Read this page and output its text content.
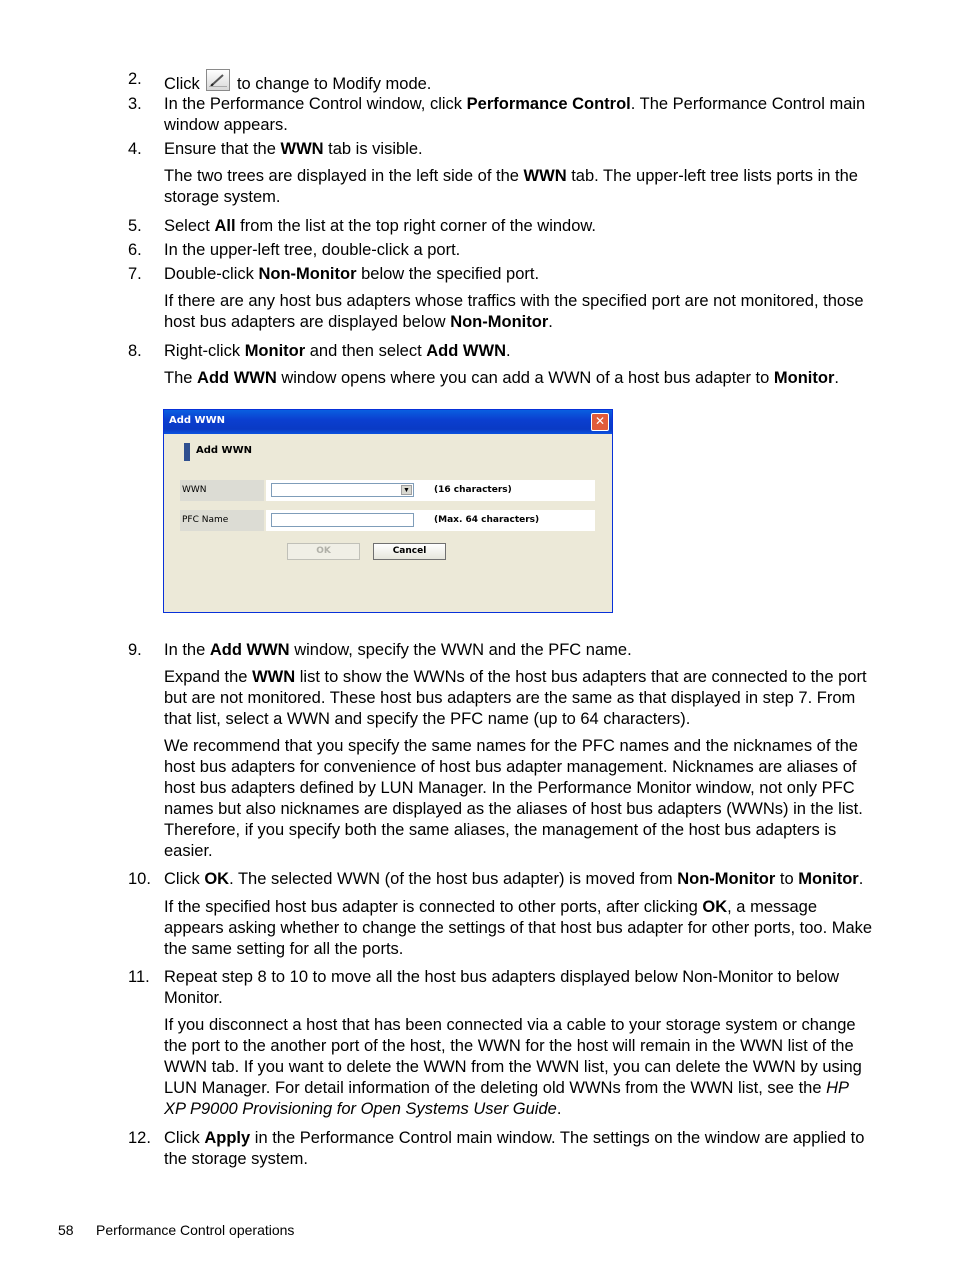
2.	Click to change to Modify mode.
3.	In the Performance Control window, click Performance Control. The Performance Control main window appears.
4.	Ensure that the WWN tab is visible.
The two trees are displayed in the left side of the WWN tab. The upper-left tree lists ports in the storage system.
5.	Select All from the list at the top right corner of the window.
6.	In the upper-left tree, double-click a port.
7.	Double-click Non-Monitor below the specified port.
If there are any host bus adapters whose traffics with the specified port are not monitored, those host bus adapters are displayed below Non-Monitor.
8.	Right-click Monitor and then select Add WWN.
The Add WWN window opens where you can add a WWN of a host bus adapter to Monitor.
Add WWN	✕
Add WWN
WWN	▼	(16 characters)
PFC Name	(Max. 64 characters)
OK	Cancel
9.	In the Add WWN window, specify the WWN and the PFC name.
Expand the WWN list to show the WWNs of the host bus adapters that are connected to the port but are not monitored. These host bus adapters are the same as that displayed in step 7. From that list, select a WWN and specify the PFC name (up to 64 characters).
We recommend that you specify the same names for the PFC names and the nicknames of the host bus adapters for convenience of host bus adapter management. Nicknames are aliases of host bus adapters defined by LUN Manager. In the Performance Monitor window, not only PFC names but also nicknames are displayed as the aliases of host bus adapters (WWNs) in the list. Therefore, if you specify both the same aliases, the management of the host bus adapters is easier.
10. Click OK. The selected WWN (of the host bus adapter) is moved from Non-Monitor to Monitor.
If the specified host bus adapter is connected to other ports, after clicking OK, a message appears asking whether to change the settings of that host bus adapter for other ports, too. Make the same setting for all the ports.
11. Repeat step 8 to 10 to move all the host bus adapters displayed below Non-Monitor to below Monitor.
If you disconnect a host that has been connected via a cable to your storage system or change the port to the another port of the host, the WWN for the host will remain in the WWN list of the WWN tab. If you want to delete the WWN from the WWN list, you can delete the WWN by using LUN Manager. For detail information of the deleting old WWNs from the WWN list, see the HP XP P9000 Provisioning for Open Systems User Guide.
12. Click Apply in the Performance Control main window. The settings on the window are applied to the storage system.
58 Performance Control operations
